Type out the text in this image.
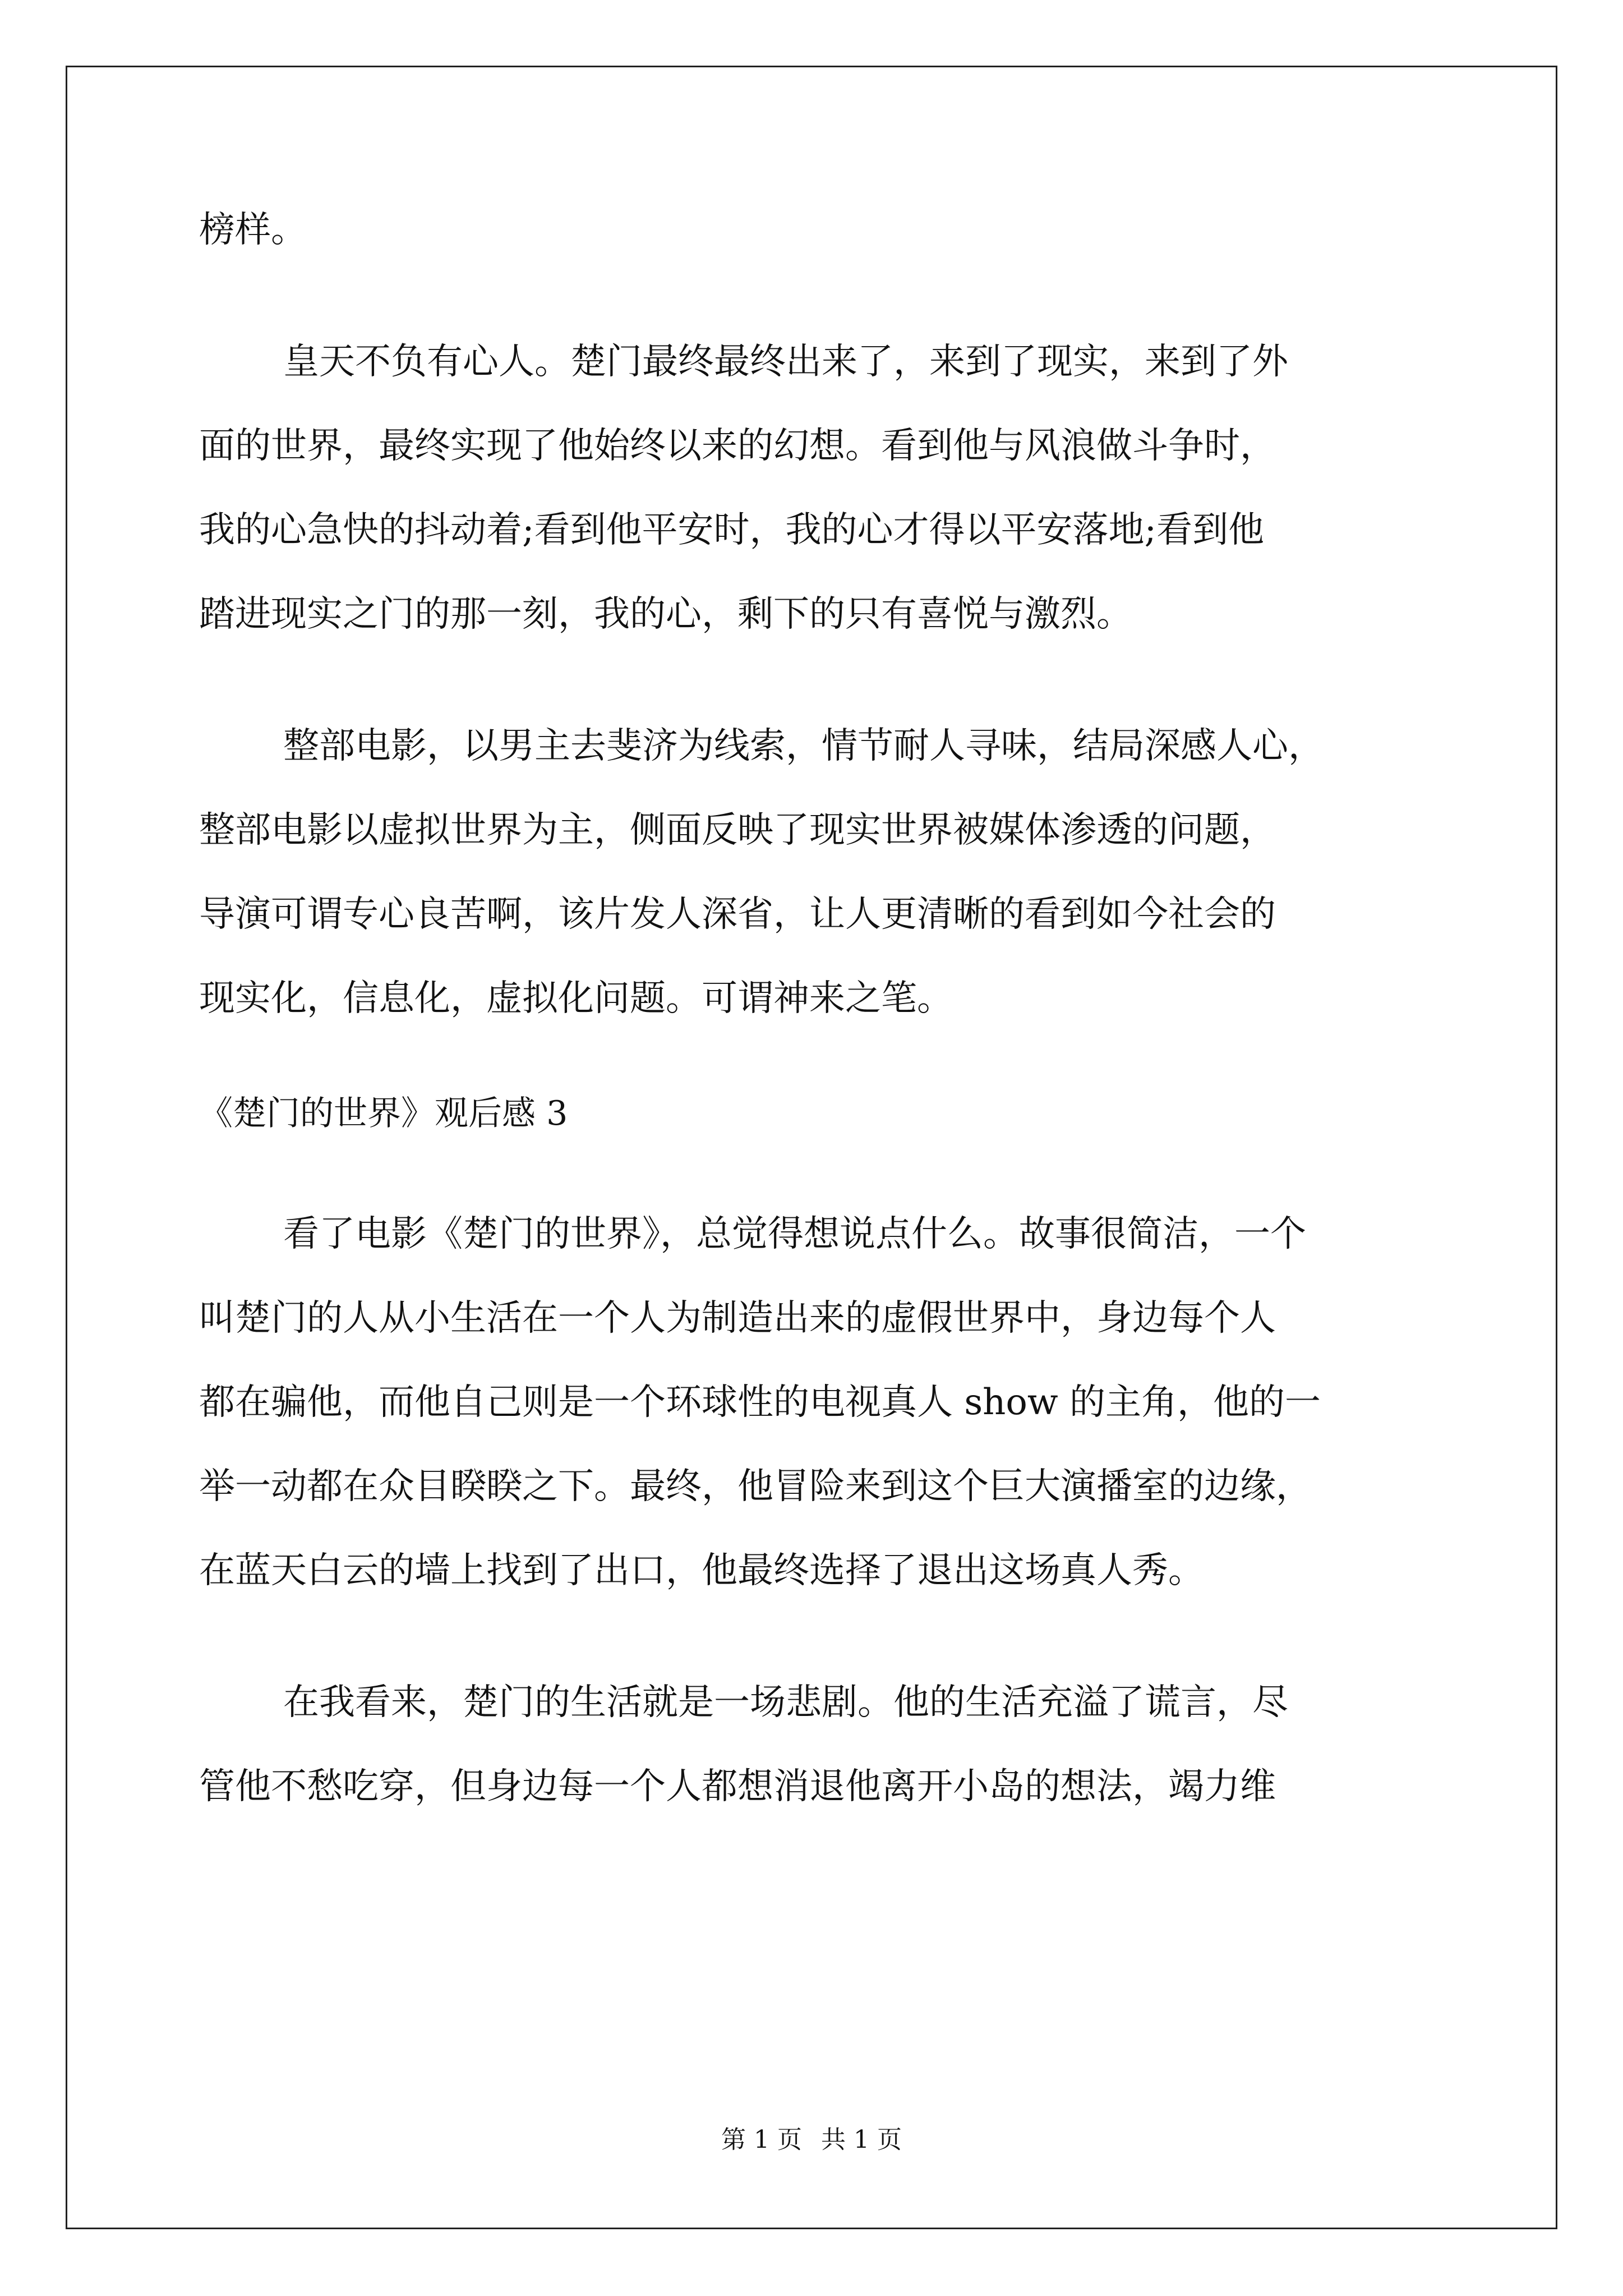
榜样。
皇天不负有心人。楚门最终最终出来了，来到了现实，来到了外
面的世界，最终实现了他始终以来的幻想。看到他与风浪做斗争时，
我的心急快的抖动着;看到他平安时，我的心才得以平安落地;看到他
踏进现实之门的那一刻，我的心，剩下的只有喜悦与激烈。
整部电影，以男主去斐济为线索，情节耐人寻味，结局深感人心，
整部电影以虚拟世界为主，侧面反映了现实世界被媒体渗透的问题，
导演可谓专心良苦啊，该片发人深省，让人更清晰的看到如今社会的
现实化，信息化，虚拟化问题。可谓神来之笔。
《楚门的世界》观后感 3
看了电影《楚门的世界》，总觉得想说点什么。故事很简洁，一个
叫楚门的人从小生活在一个人为制造出来的虚假世界中，身边每个人
都在骗他，而他自己则是一个环球性的电视真人 show 的主角，他的一
举一动都在众目睽睽之下。最终，他冒险来到这个巨大演播室的边缘，
在蓝天白云的墙上找到了出口，他最终选择了退出这场真人秀。
在我看来，楚门的生活就是一场悲剧。他的生活充溢了谎言，尽
管他不愁吃穿，但身边每一个人都想消退他离开小岛的想法，竭力维
第 1 页 共 1 页
